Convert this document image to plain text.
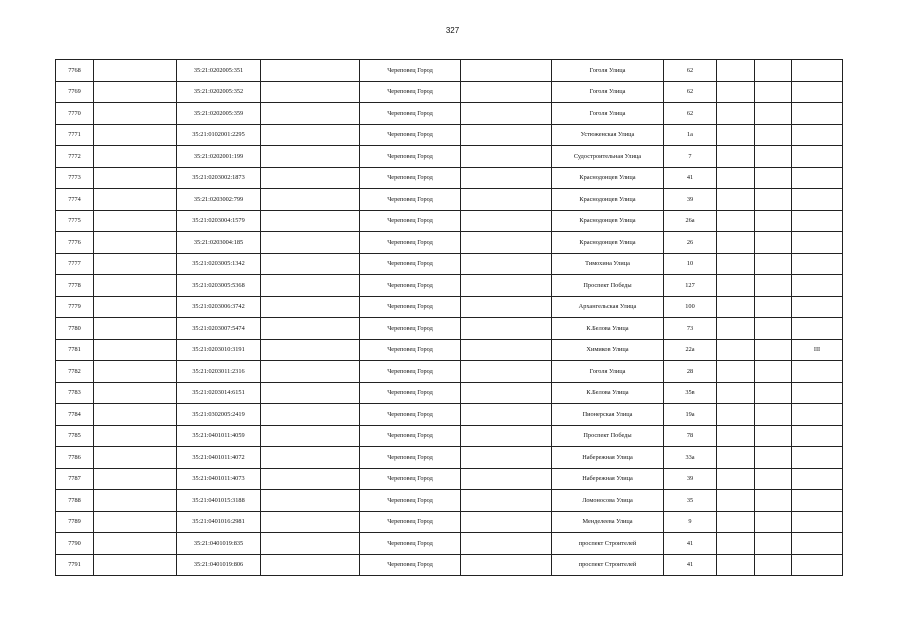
327
7768		35:21:0202005:351		Череповец Город		Гоголя Улица	62			
7769		35:21:0202005:352		Череповец Город		Гоголя Улица	62			
7770		35:21:0202005:359		Череповец Город		Гоголя Улица	62			
7771		35:21:0102001:2295		Череповец Город		Устюженская Улица	1а			
7772		35:21:0202001:199		Череповец Город		Судостроительная Улица	7			
7773		35:21:0203002:1873		Череповец Город		Краснодонцев Улица	41			
7774		35:21:0203002:799		Череповец Город		Краснодонцев Улица	39			
7775		35:21:0203004:1579		Череповец Город		Краснодонцев Улица	26а			
7776		35:21:0203004:185		Череповец Город		Краснодонцев Улица	26			
7777		35:21:0203005:1342		Череповец Город		Тимохина Улица	10			
7778		35:21:0203005:5368		Череповец Город		Проспект Победы	127			
7779		35:21:0203006:3742		Череповец Город		Архангельская Улица	100			
7780		35:21:0203007:5474		Череповец Город		К.Белова Улица	73			
7781		35:21:0203010:3191		Череповец Город		Химиков Улица	22а			III
7782		35:21:0203011:2316		Череповец Город		Гоголя Улица	28			
7783		35:21:0203014:6151		Череповец Город		К.Белова Улица	35в			
7784		35:21:0302005:2419		Череповец Город		Пионерская Улица	19а			
7785		35:21:0401011:4059		Череповец Город		Проспект Победы	78			
7786		35:21:0401011:4072		Череповец Город		Набережная Улица	33а			
7787		35:21:0401011:4073		Череповец Город		Набережная Улица	39			
7788		35:21:0401015:3188		Череповец Город		Ломоносова Улица	35			
7789		35:21:0401016:2981		Череповец Город		Менделеева Улица	9			
7790		35:21:0401019:835		Череповец Город		проспект Строителей	41			
7791		35:21:0401019:806		Череповец Город		проспект Строителей	41			
